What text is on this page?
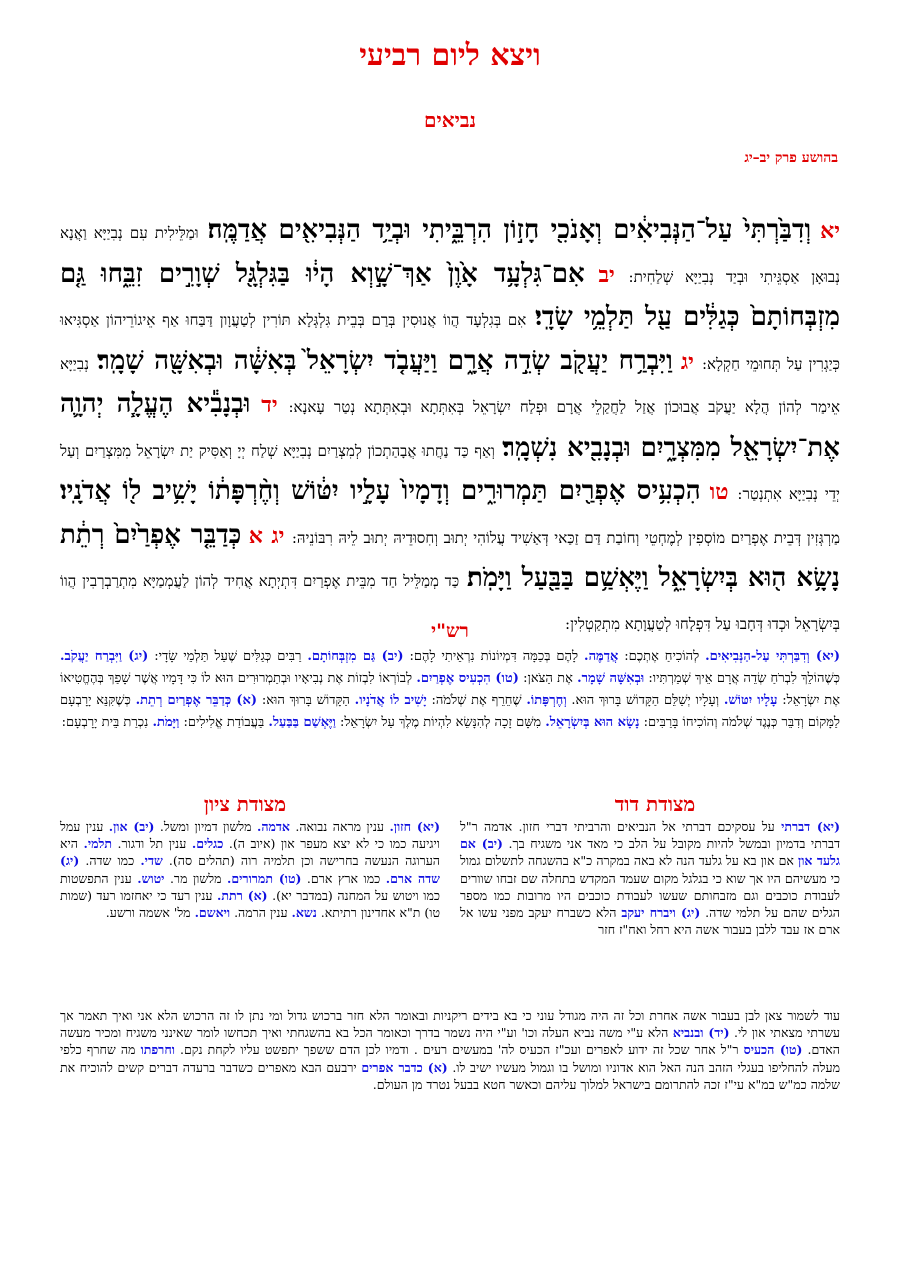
ויצא ליום רביעי
נביאים
בהושע פרק יב–יג
יא וְדִבַּ֙רְתִּי֙ עַל־הַנְּבִיאִ֔ים וְאָנֹכִ֖י חָז֣וֹן הִרְבֵּ֑יתִי וּבְיַ֥ד הַנְּבִיאִ֖ים אֲדַמֶּֽה׃ וּמַלֵּילִית עִם נְבִיַיָּא וַאֲנָא נְבוּאָן אַסְגֵּיתִי וּבְיַד נְבִיַיָּא שְׁלַחִית: יב אִם־גִּלְעָ֥ד אָ֙וֶן֙ אַךְ־שָׁ֣וְא הָי֔וּ בַּגִּלְגָּ֖ל שְׁוָרִ֣ים זִבֵּ֑חוּ גַּ֤ם מִזְבְּחוֹתָם֙ כְּגַלִּ֔ים עַ֖ל תַּלְמֵ֥י שָׂדָֽי׃ אִם בְּגִלְעָד הֲווֹ אֲנוּסִין בְּרַם בְּבֵית גִּלְגְּלָא תּוֹרִין לְטַעֲוָון דַּבַּחוּ אַף אֵיגוֹרֵיהוֹן אַסְגִּיאוּ כְּיַגְרִין עַל תְּחוּמֵי חַקְלָא: יג וַיִּבְרַ֥ח יַעֲקֹ֖ב שְׂדֵ֣ה אֲרָ֑ם וַיַּעֲבֹ֤ד יִשְׂרָאֵל֙ בְּאִשָּׁ֔ה וּבְאִשָּׁ֖ה שָׁמָֽר׃ נְבִיַיָּא אֵימַר לְהוֹן הֲלָא יַעֲקֹב אֲבוּכוֹן אֲזַל לַחֲקַלֵי אֲרָם וּפְלַח יִשְׂרָאֵל בְּאִתְּתָא וּבְאִתְּתָא נְטַר עָאנָא: יד וּבְנָבִ֕יא הֶעֱלָ֧ה יְהוָ֛ה אֶת־יִשְׂרָאֵ֖ל מִמִּצְרָ֑יִם וּבְנָבִ֖יא נִשְׁמָֽר׃ וְאַף כַּד נַחֲתוּ אֲבָהַתְכוֹן לְמִצְרַיִם נְבִיַיָּא שְׁלַח יְיָ וְאַסִּיק יַת יִשְׂרָאֵל מִמִּצְרַיִם וְעַל יְדֵי נְבִיַיָּא אִתְנְטַר: טו הִכְעִ֥יס אֶפְרַ֖יִם תַּמְרוּרִ֑ים וְדָמָיו֙ עָלָ֣יו יִטּ֔וֹשׁ וְחֶ֨רְפָּת֔וֹ יָשִׁ֥יב ל֖וֹ אֲדֹנָֽיו׃ מַרְגְּזִין דְּבֵית אֶפְרַיִם מוֹסְפִין לְמֶחְטֵי וְחוֹבַת דַּם זַכַּאי דְּאַשִׁיד עֲלוֹהִי יְתוּב וְחִסוּדֵיהּ יְתוּב לֵיהּ רִבּוֹנֵיהּ: יג א כְּדַבֵּ֤ר אֶפְרַ֙יִם֙ רְתֵ֔ת נָשָׂ֥א ה֖וּא בְּיִשְׂרָאֵ֑ל וַיֶּאְשַׁ֥ם בַּבַּ֖עַל וַיָּמֹֽת׃ כַּד מְמַלֵּיל חַד מִבֵּית אֶפְרַיִם דִּתְיְתָא אֲחִיד לְהוֹן לַעֲמְמַיָּא מִתְרַבְרְבִין הֲווֹ בְּיִשְׂרָאֵל וּכְדוּ דְּחָבוּ עַל דִּפְלָחוּ לְטַעֲוָתָא מִתְקַטְלִין:
רש"י
(יא) וְדִבַּרְתִּי עַל-הַנְּבִיאִים. לְהוֹכִיחַ אֶתְכֶם: אֲדַמֶּה. לָהֶם בְּכַמָּה דִּמְיוֹנוֹת נִרְאֵיתִי לָהֶם: (יב) גַּם מִזְבְּחוֹתָם. רַבִּים כְּגַלִּים שֶׁעַל תַּלְמֵי שָׂדָי: (יג) וַיִּבְרַח יַעֲקֹב. כְּשֶׁהוֹלֵךְ לִבְרֹחַ שְׂדֵה אֲרָם אֵיךְ שְׁמַרְתִּיו: וּבְאִשָּׁה שָׁמָר. אֶת הַצֹּאן: (טו) הִכְעִיס אֶפְרַיִם. לְבוֹרְאוֹ לִבְזוֹת אֶת נְבִיאָיו וּבְתַמְרוּרִים הוּא לוֹ כִּי דָּמָיו אֲשֶׁר שָׁפַךְ בְּהֶחֱטִיאוֹ אֶת יִשְׂרָאֵל: עָלָיו יִטּוֹשׁ. וְעָלָיו יְשַׁלֵּם הַקָּדוֹשׁ בָּרוּךְ הוּא. וְחֶרְפָּתוֹ. שֶׁחֵרֵף אֶת שְׁלֹמֹה: יָשִׁיב לוֹ אֲדֹנָיו. הַקָּדוֹשׁ בָּרוּךְ הוּא: (א) כְּדַבֵּר אֶפְרַיִם רְתֵת. כְּשֶׁקִּנֵּא יָרָבְעָם לַמָּקוֹם וְדִבֵּר כְּנֶגֶד שְׁלֹמֹה וְהוֹכִיחוֹ בָּרַבִּים: נָשָׂא הוּא בְּיִשְׂרָאֵל. מִשָּׁם זָכָה לְהִנָּשֵׂא לִהְיוֹת מֶלֶךְ עַל יִשְׂרָאֵל: וַיֶּאְשַׁם בַּבַּעַל. בַּעֲבוֹדַת אֱלִילִים: וַיָּמֹת. נִכְרַת בֵּית יָרָבְעָם:
מצודת דוד
מצודת ציון
(יא) דברתי על עסקיכם דברתי אל הנביאים והרביתי דברי חזון. אדמה ר"ל דברתי בדמיון ובמשל להיות מקובל על הלב כי מאד אני משגיח בך. (יב) אם גלעד און אם און בא על גלעד הנה לא באה במקרה כ"א בהשגחה לתשלום גמול כי מעשיהם היו אך שוא כי בגלגל מקום שעמד המקדש בתחלה שם זבחו שוורים לעבודת כוכבים וגם מזבחותם שעשו לעבודת כוכבים היו מרובות כמו מספר הגלים שהם על תלמי שדה. (יג) ויברח יעקב הלא כשברח יעקב מפני עשו אל ארם אז עבד ללבן בעבור אשה היא רחל ואח"ז חזר
(יא) חזון. ענין מראה נבואה. אדמה. מלשון דמיון ומשל. (יב) און. ענין עמל ויגיעה כמו כי לא יצא מעפר און (איוב ה). כגלים. ענין תל ודגור. תלמי. היא הערוגה הנעשה בחרישה וכן תלמיה רוה (תהלים סה). שדי. כמו שדה. (יג) שדה ארם. כמו ארץ ארם. (טו) תמרורים. מלשון מר. יטוש. ענין התפשטות כמו ויטוש על המחנה (במדבר יא). (א) רתת. ענין רעד כי יאחזמו רעד (שמות טו) ת"א אחדינון רתיתא. נשא. ענין הרמה. ויאשם. מל' אשמה ורשע.
עוד לשמור צאן לבן בעבור אשה אחרת וכל זה היה מגודל עוני כי בא בידים ריקניות ובאומר הלא חזר ברכוש גדול ומי נתן לו זה הרכוש הלא אני ואיך תאמר אך עשרתי מצאתי און לי. (יד) ובנביא הלא ע"י משה נביא העלה וכו' וע"י היה נשמר בדרך וכאומר הכל בא בהשגחתי ואיך תכחשו לומר שאינני משגיח ומכיר מעשה האדם. (טו) הכעיס ר"ל אחר שכל זה ידוע לאפרים ועכ"ז הכעיס לה' במעשים רעים . ודמיו לכן הדם ששפך יתפשט עליו לקחת נקם. וחרפתו מה שחרף כלפי מעלה להחליפו בעגלי הזהב הנה האל הוא אדוניו ומושל בו וגמול מעשיו ישיב לו. (א) כדבר אפרים ירבעם הבא מאפרים כשדבר ברעדה דברים קשים להוכיח את שלמה כמ"ש במ"א עי"ז זכה להתרומם בישראל למלוך עליהם וכאשר חטא בבעל נטרד מן העולם.
